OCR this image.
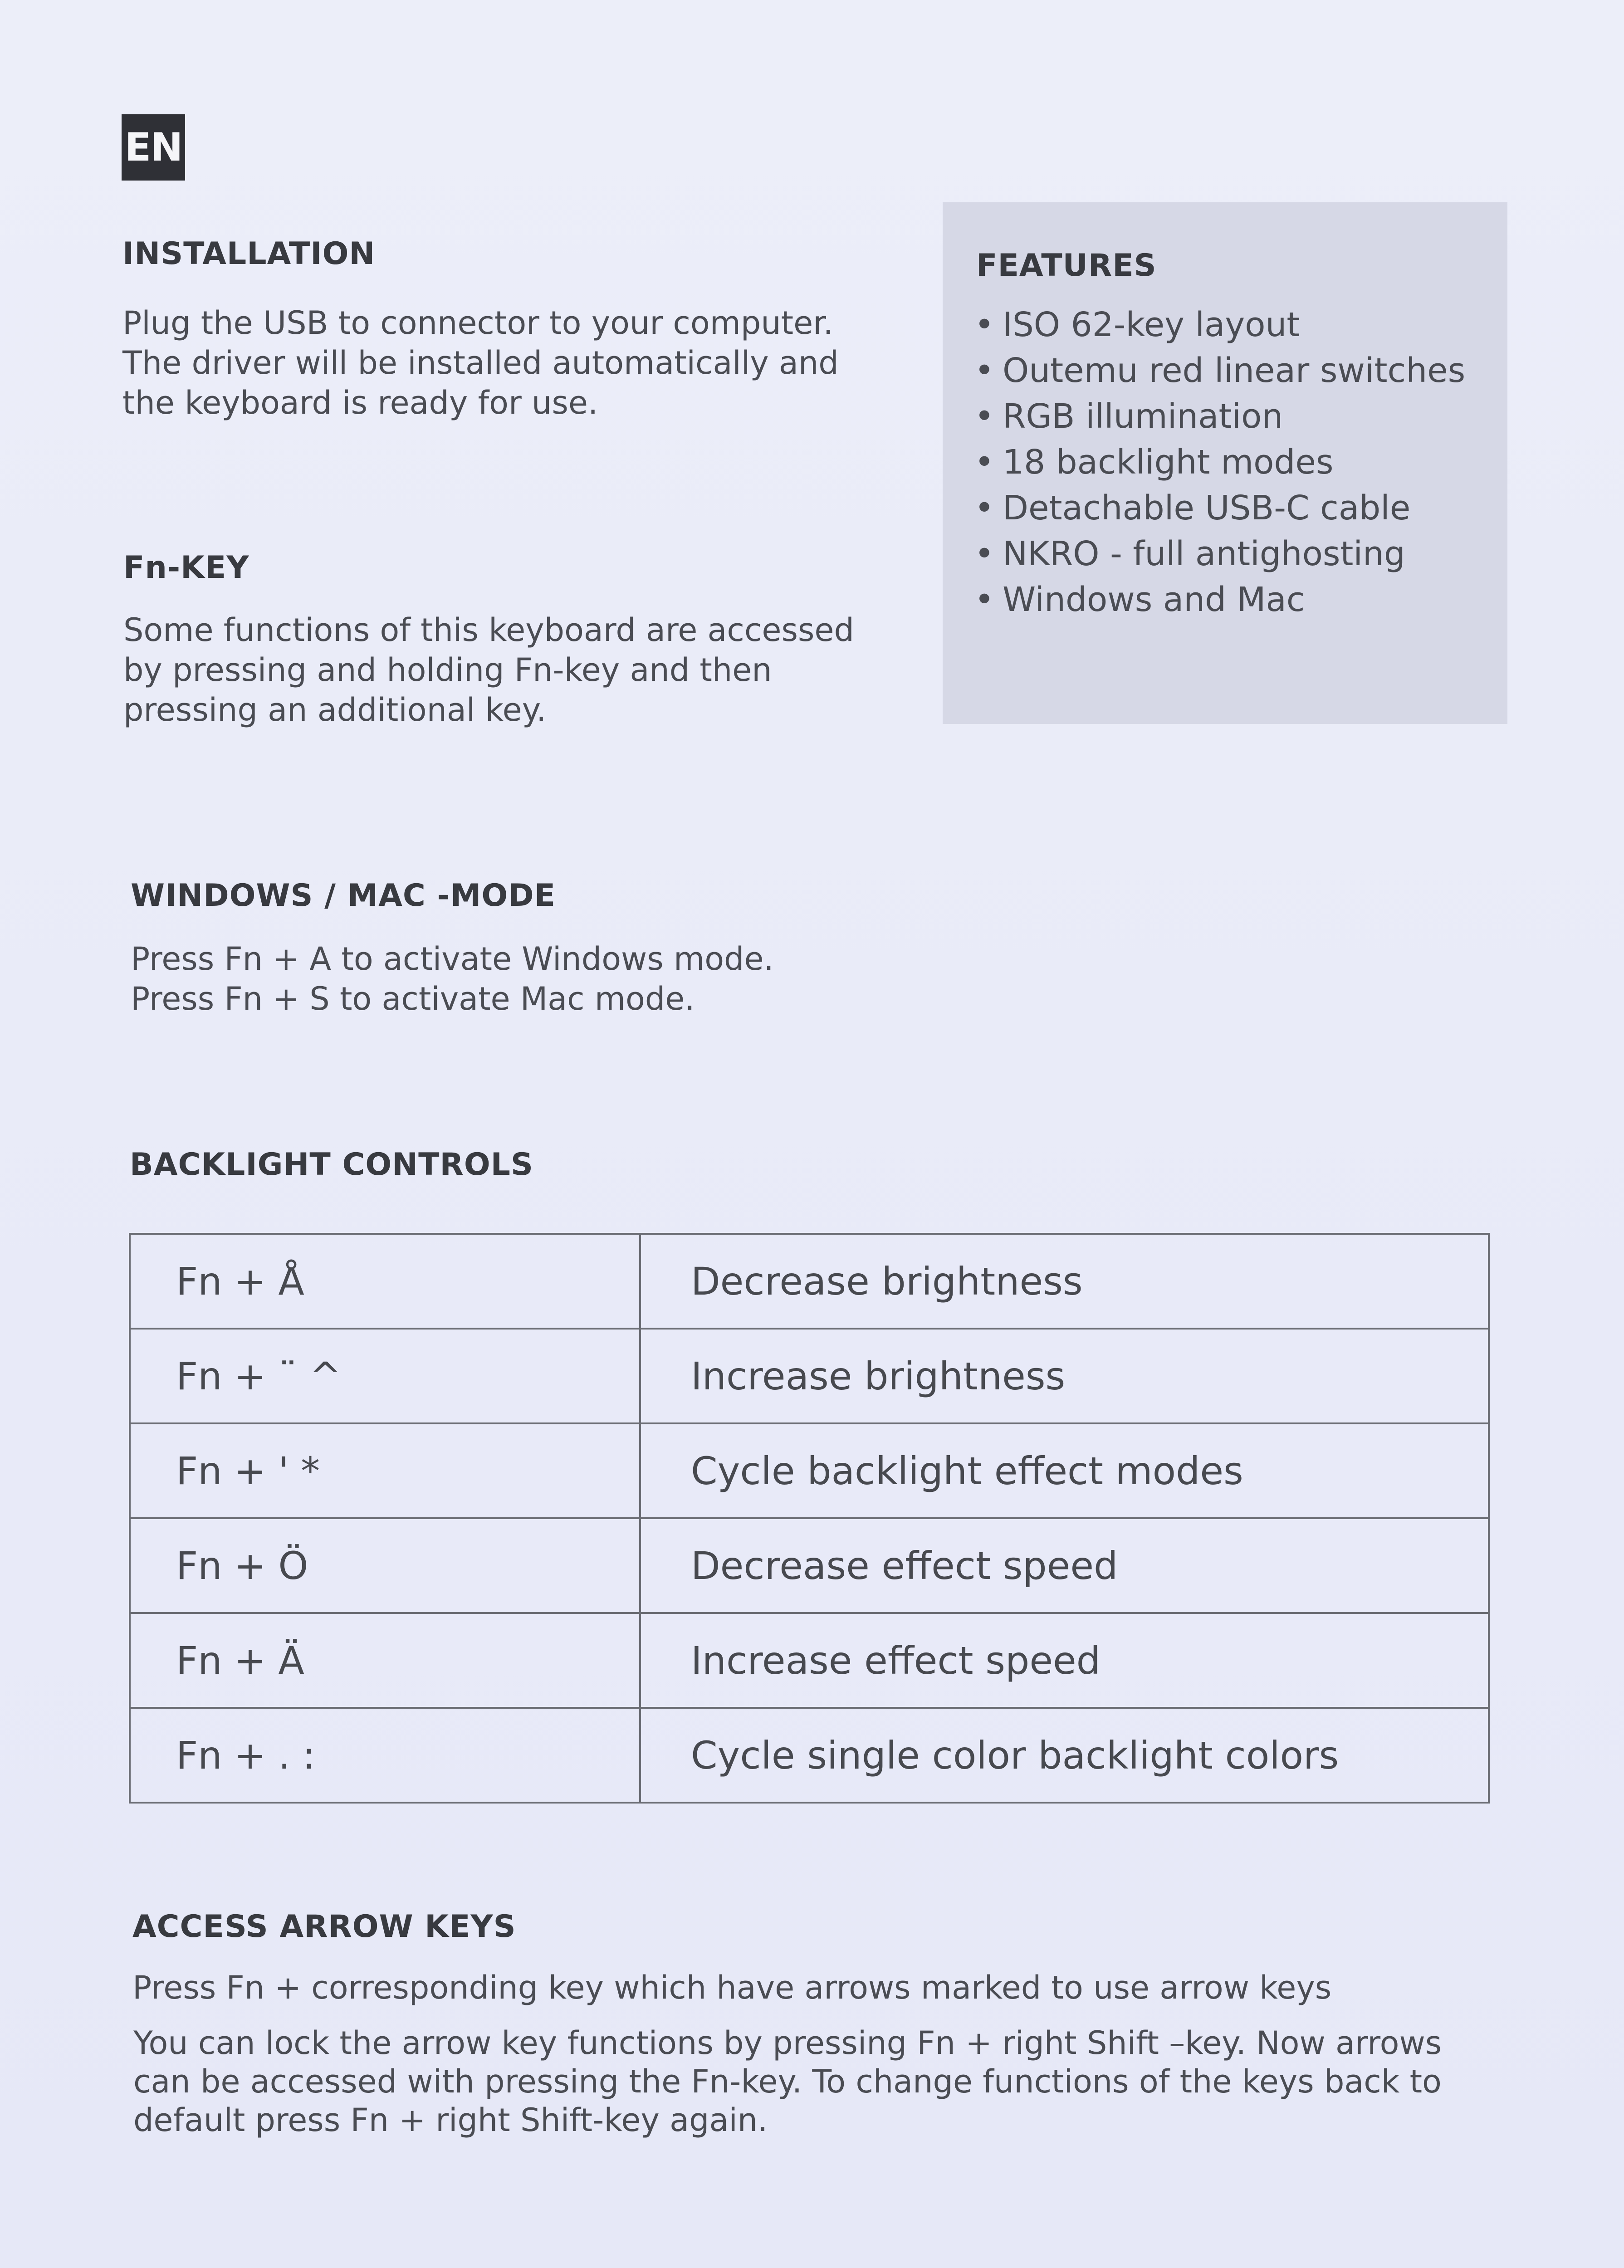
EN
INSTALLATION
Plug the USB to connector to your computer.
The driver will be installed automatically and
the keyboard is ready for use.
FEATURES
• ISO 62-key layout
• Outemu red linear switches
• RGB illumination
• 18 backlight modes
• Detachable USB-C cable
• NKRO - full antighosting
• Windows and Mac
Fn-KEY
Some functions of this keyboard are accessed
by pressing and holding Fn-key and then
pressing an additional key.
WINDOWS / MAC -MODE
Press Fn + A to activate Windows mode.
Press Fn + S to activate Mac mode.
BACKLIGHT CONTROLS
Fn + Å	Decrease brightness
Fn + ¨ ^	Increase brightness
Fn + ' *	Cycle backlight effect modes
Fn + Ö	Decrease effect speed
Fn + Ä	Increase effect speed
Fn + . :	Cycle single color backlight colors
ACCESS ARROW KEYS
Press Fn + corresponding key which have arrows marked to use arrow keys
You can lock the arrow key functions by pressing Fn + right Shift –key. Now arrows
can be accessed with pressing the Fn-key. To change functions of the keys back to
default press Fn + right Shift-key again.
